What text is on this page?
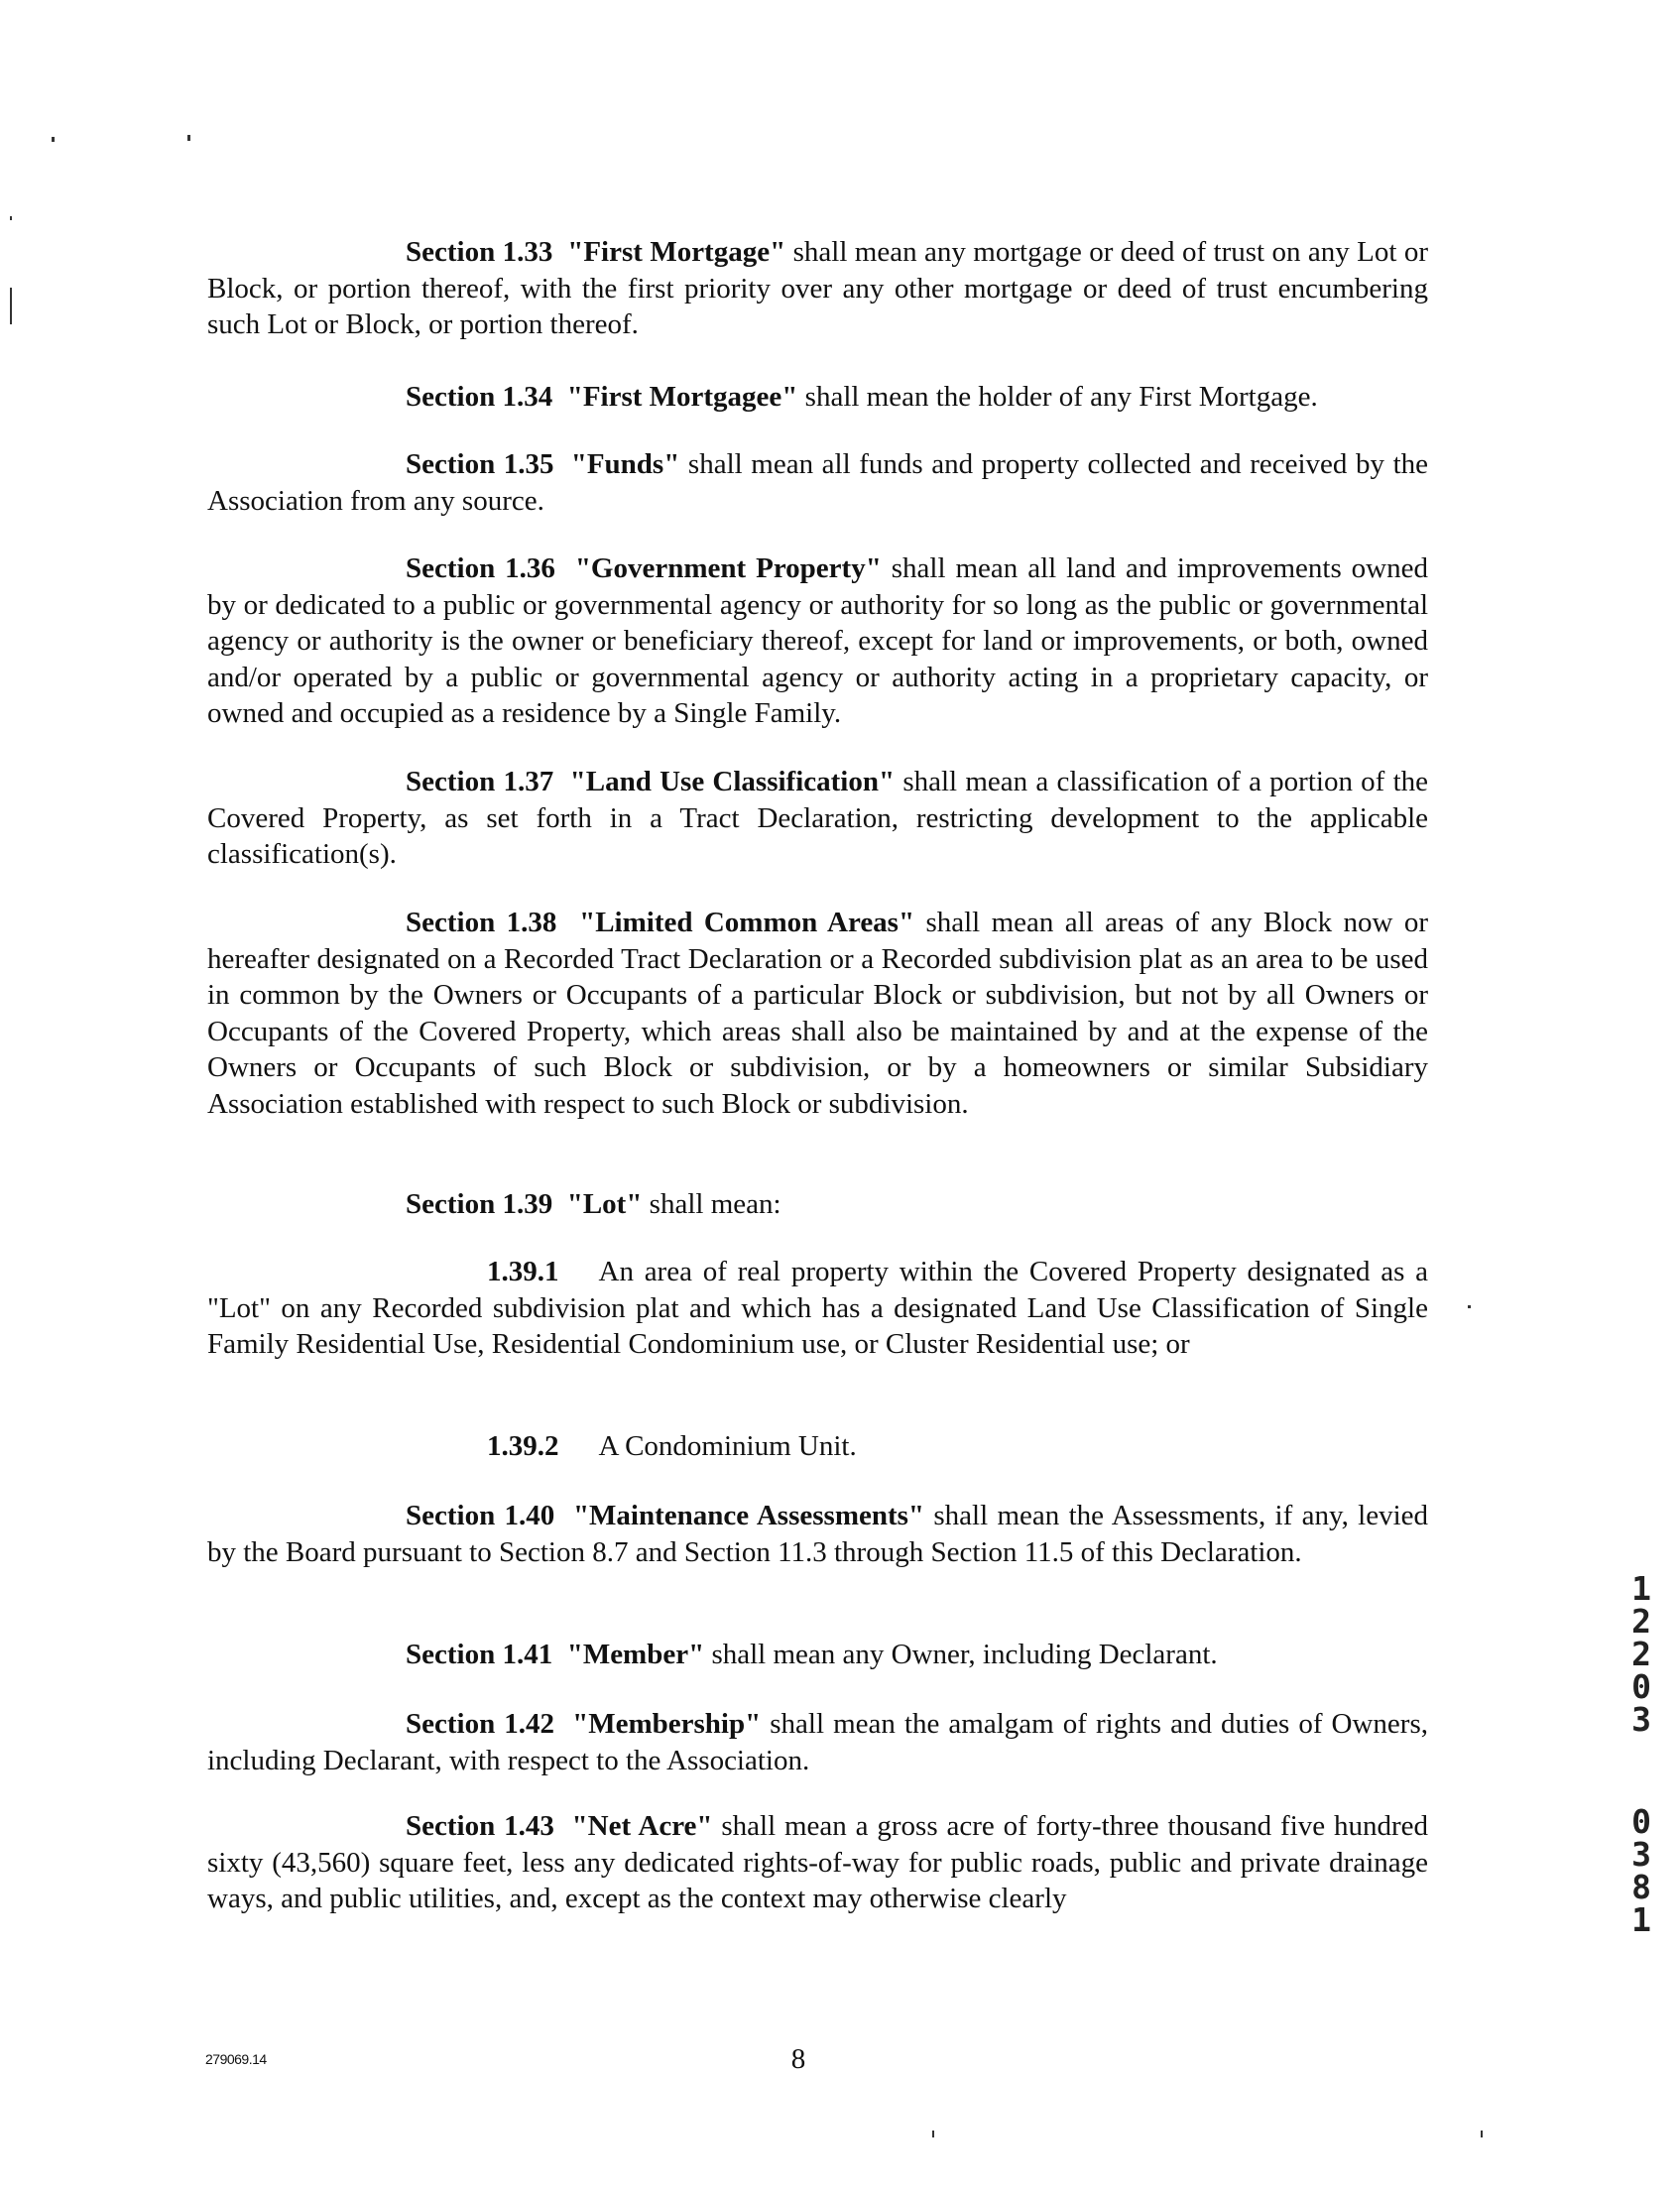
Section 1.33 "First Mortgage" shall mean any mortgage or deed of trust on any Lot or Block, or portion thereof, with the first priority over any other mortgage or deed of trust encumbering such Lot or Block, or portion thereof.

Section 1.34 "First Mortgagee" shall mean the holder of any First Mortgage.

Section 1.35 "Funds" shall mean all funds and property collected and received by the Association from any source.

Section 1.36 "Government Property" shall mean all land and improvements owned by or dedicated to a public or governmental agency or authority for so long as the public or governmental agency or authority is the owner or beneficiary thereof, except for land or improvements, or both, owned and/or operated by a public or governmental agency or authority acting in a proprietary capacity, or owned and occupied as a residence by a Single Family.

Section 1.37 "Land Use Classification" shall mean a classification of a portion of the Covered Property, as set forth in a Tract Declaration, restricting development to the applicable classification(s).

Section 1.38 "Limited Common Areas" shall mean all areas of any Block now or hereafter designated on a Recorded Tract Declaration or a Recorded subdivision plat as an area to be used in common by the Owners or Occupants of a particular Block or subdivision, but not by all Owners or Occupants of the Covered Property, which areas shall also be maintained by and at the expense of the Owners or Occupants of such Block or subdivision, or by a homeowners or similar Subsidiary Association established with respect to such Block or subdivision.

Section 1.39 "Lot" shall mean:

1.39.1 An area of real property within the Covered Property designated as a "Lot" on any Recorded subdivision plat and which has a designated Land Use Classification of Single Family Residential Use, Residential Condominium use, or Cluster Residential use; or

1.39.2 A Condominium Unit.

Section 1.40 "Maintenance Assessments" shall mean the Assessments, if any, levied by the Board pursuant to Section 8.7 and Section 11.3 through Section 11.5 of this Declaration.

Section 1.41 "Member" shall mean any Owner, including Declarant.

Section 1.42 "Membership" shall mean the amalgam of rights and duties of Owners, including Declarant, with respect to the Association.

Section 1.43 "Net Acre" shall mean a gross acre of forty-three thousand five hundred sixty (43,560) square feet, less any dedicated rights-of-way for public roads, public and private drainage ways, and public utilities, and, except as the context may otherwise clearly

279069.14	8
1
2
2
0
3
0
3
8
1
